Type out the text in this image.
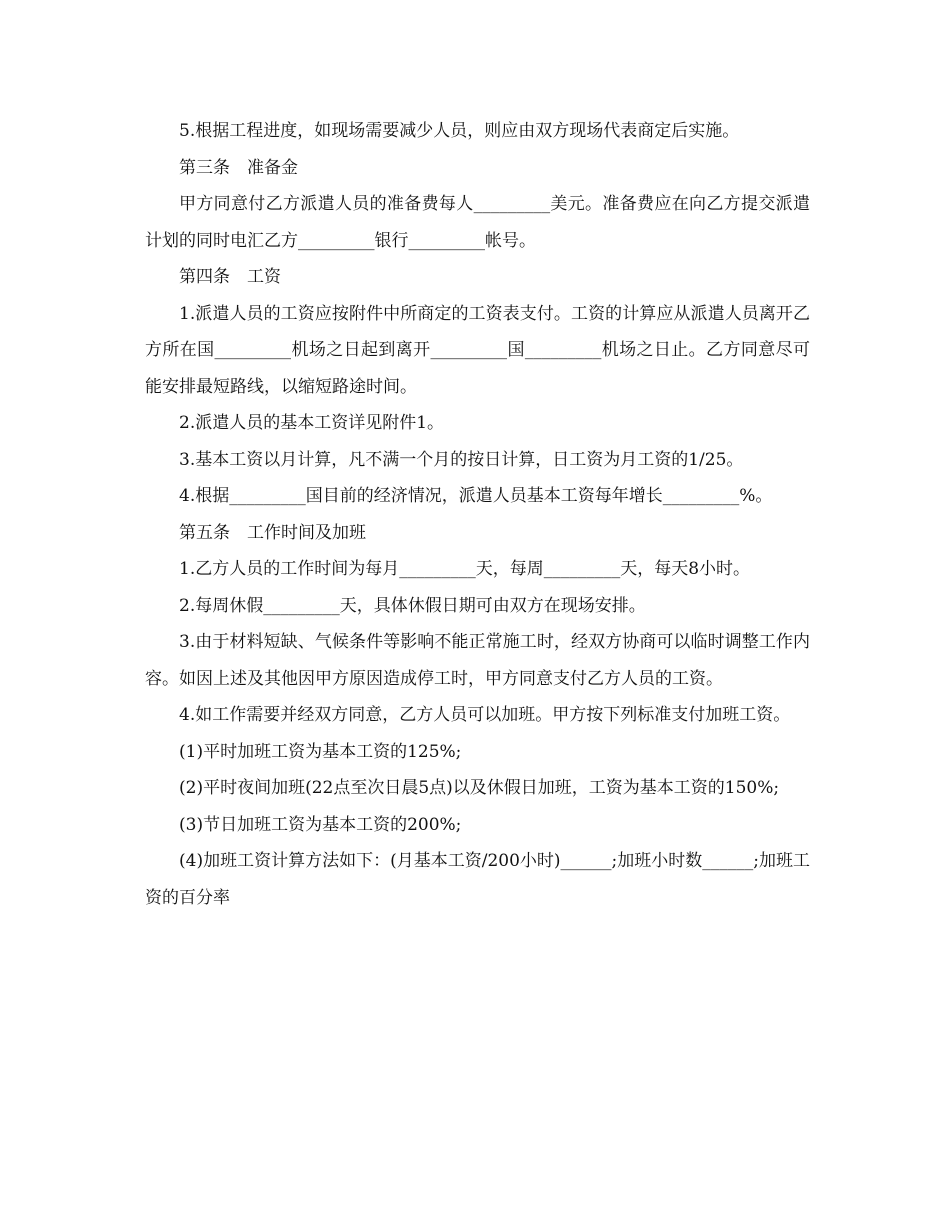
5.根据工程进度，如现场需要减少人员，则应由双方现场代表商定后实施。

第三条　准备金

甲方同意付乙方派遣人员的准备费每人_________美元。准备费应在向乙方提交派遣计划的同时电汇乙方_________银行_________帐号。

第四条　工资

1.派遣人员的工资应按附件中所商定的工资表支付。工资的计算应从派遣人员离开乙方所在国_________机场之日起到离开_________国_________机场之日止。乙方同意尽可能安排最短路线，以缩短路途时间。

2.派遣人员的基本工资详见附件1。

3.基本工资以月计算，凡不满一个月的按日计算，日工资为月工资的1/25。

4.根据_________国目前的经济情况，派遣人员基本工资每年增长_________%。

第五条　工作时间及加班

1.乙方人员的工作时间为每月_________天，每周_________天，每天8小时。

2.每周休假_________天，具体休假日期可由双方在现场安排。

3.由于材料短缺、气候条件等影响不能正常施工时，经双方协商可以临时调整工作内容。如因上述及其他因甲方原因造成停工时，甲方同意支付乙方人员的工资。

4.如工作需要并经双方同意，乙方人员可以加班。甲方按下列标准支付加班工资。

(1)平时加班工资为基本工资的125%;

(2)平时夜间加班(22点至次日晨5点)以及休假日加班，工资为基本工资的150%;

(3)节日加班工资为基本工资的200%;

(4)加班工资计算方法如下：(月基本工资/200小时)______;加班小时数______;加班工资的百分率
